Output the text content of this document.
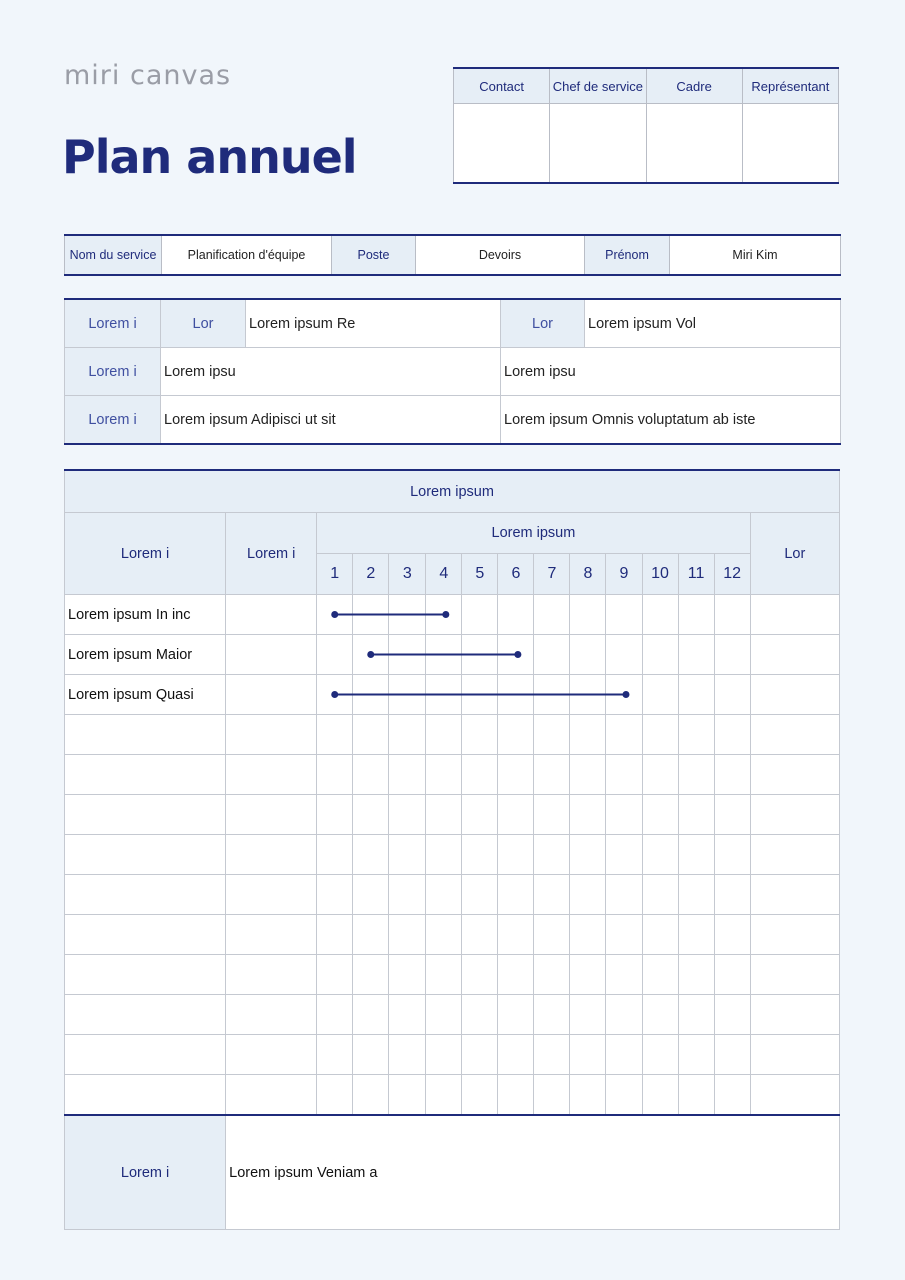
miri canvas
Plan annuel
Contact	Chef de service	Cadre	Représentant

Nom du service	Planification d'équipe	Poste	Devoirs	Prénom	Miri Kim
Lorem i	Lor	Lorem ipsum Re	Lor	Lorem ipsum Vol
Lorem i	Lorem ipsu		Lorem ipsu	
Lorem i	Lorem ipsum Adipisci ut sit		Lorem ipsum Omnis voluptatum ab iste	
Lorem ipsum														
Lorem i	Lorem i	Lorem ipsum												Lor
		1	2	3	4	5	6	7	8	9	10	11	12	
Lorem ipsum In inc														
Lorem ipsum Maior														
Lorem ipsum Quasi														

Lorem i	Lorem ipsum Veniam a													
